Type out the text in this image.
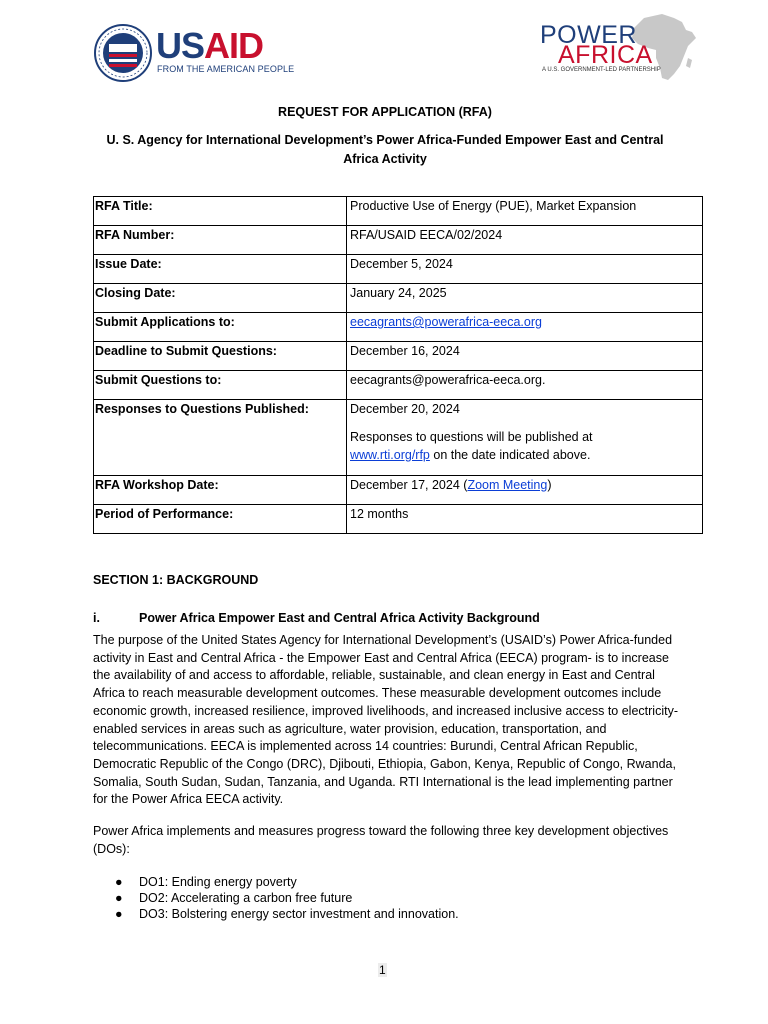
USAID
FROM THE AMERICAN PEOPLE
POWER
AFRICA
A U.S. GOVERNMENT-LED PARTNERSHIP
REQUEST FOR APPLICATION (RFA)
U. S. Agency for International Development’s Power Africa-Funded Empower East and Central Africa Activity
RFA Title:	Productive Use of Energy (PUE), Market Expansion
RFA Number:	RFA/USAID EECA/02/2024
Issue Date:	December 5, 2024
Closing Date:	January 24, 2025
Submit Applications to:	eecagrants@powerafrica-eeca.org
Deadline to Submit Questions:	December 16, 2024
Submit Questions to:	eecagrants@powerafrica-eeca.org.
Responses to Questions Published:	December 20, 2024

Responses to questions will be published at
www.rti.org/rfp on the date indicated above.

RFA Workshop Date:	December 17, 2024 (Zoom Meeting)
Period of Performance:	12 months
SECTION 1: BACKGROUND
i.	Power Africa Empower East and Central Africa Activity Background

The purpose of the United States Agency for International Development’s (USAID’s) Power Africa-funded activity in East and Central Africa - the Empower East and Central Africa (EECA) program- is to increase the availability of and access to affordable, reliable, sustainable, and clean energy in East and Central Africa to reach measurable development outcomes. These measurable development outcomes include economic growth, increased resilience, improved livelihoods, and increased inclusive access to electricity-enabled services in areas such as agriculture, water provision, education, transportation, and telecommunications. EECA is implemented across 14 countries: Burundi, Central African Republic, Democratic Republic of the Congo (DRC), Djibouti, Ethiopia, Gabon, Kenya, Republic of Congo, Rwanda, Somalia, South Sudan, Sudan, Tanzania, and Uganda. RTI International is the lead implementing partner for the Power Africa EECA activity.

Power Africa implements and measures progress toward the following three key development objectives (DOs):

● DO1: Ending energy poverty
● DO2: Accelerating a carbon free future
● DO3: Bolstering energy sector investment and innovation.
1
